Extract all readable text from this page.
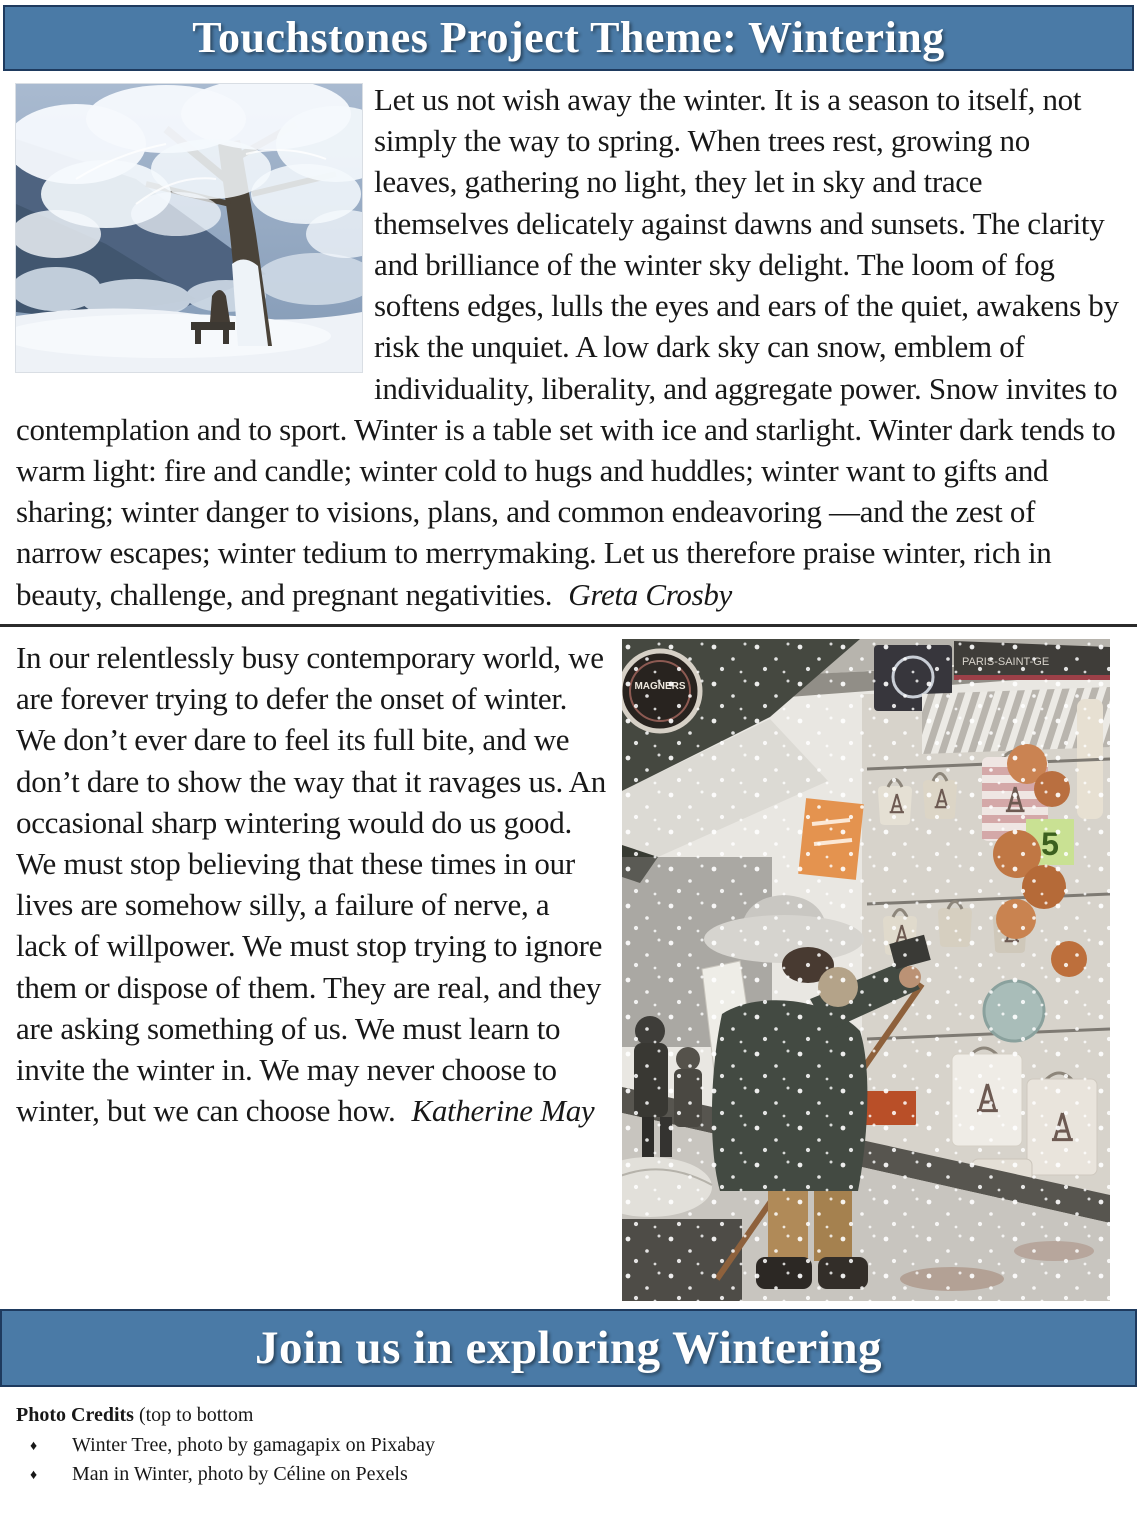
Touchstones Project Theme: Wintering

Let us not wish away the winter. It is a season to itself, not simply the way to spring. When trees rest, growing no leaves, gathering no light, they let in sky and trace themselves delicately against dawns and sunsets. The clarity and brilliance of the winter sky delight. The loom of fog softens edges, lulls the eyes and ears of the quiet, awakens by risk the unquiet. A low dark sky can snow, emblem of individuality, liberality, and aggregate power. Snow invites to contemplation and to sport. Winter is a table set with ice and starlight. Winter dark tends to warm light: fire and candle; winter cold to hugs and huddles; winter want to gifts and sharing; winter danger to visions, plans, and common endeavoring —and the zest of narrow escapes; winter tedium to merrymaking. Let us therefore praise winter, rich in beauty, challenge, and pregnant negativities. Greta Crosby

In our relentlessly busy contemporary world, we are forever trying to defer the onset of winter. We don’t ever dare to feel its full bite, and we don’t dare to show the way that it ravages us. An occasional sharp wintering would do us good. We must stop believing that these times in our lives are somehow silly, a failure of nerve, a lack of willpower. We must stop trying to ignore them or dispose of them. They are real, and they are asking something of us. We must learn to invite the winter in. We may never choose to winter, but we can choose how. Katherine May

Join us in exploring Wintering

Photo Credits (top to bottom

♦ Winter Tree, photo by gamagapix on Pixabay
♦ Man in Winter, photo by Céline on Pexels
